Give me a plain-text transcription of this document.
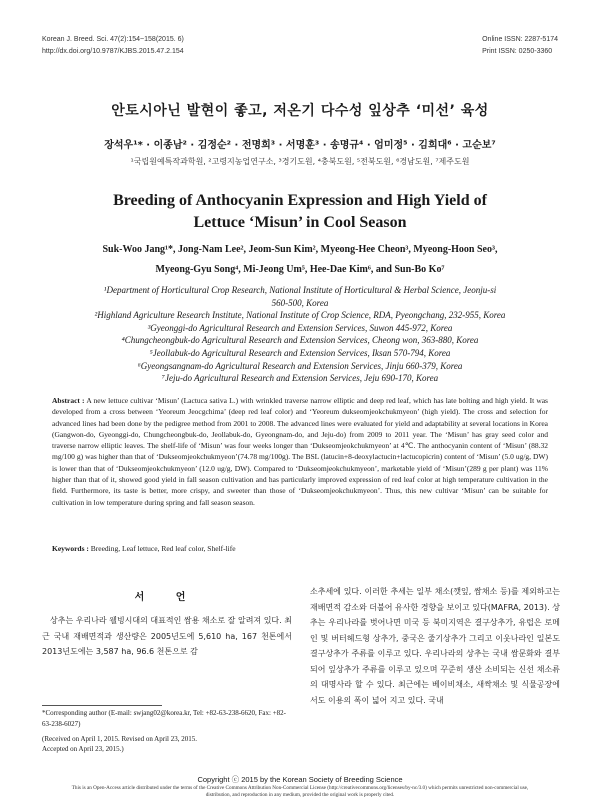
Korean J. Breed. Sci. 47(2):154~158(2015. 6)
http://dx.doi.org/10.9787/KJBS.2015.47.2.154
Online ISSN: 2287-5174
Print ISSN: 0250-3360
안토시아닌 발현이 좋고, 저온기 다수성 잎상추 ‘미선’ 육성
장석우¹* · 이종남² · 김정순² · 전명희³ · 서명훈³ · 송명규⁴ · 엄미정⁵ · 김희대⁶ · 고순보⁷
¹국립원예특작과학원, ²고령지농업연구소, ³경기도원, ⁴충북도원, ⁵전북도원, ⁶경남도원, ⁷제주도원
Breeding of Anthocyanin Expression and High Yield of
Lettuce ‘Misun’ in Cool Season
Suk-Woo Jang¹*, Jong-Nam Lee², Jeom-Sun Kim², Myeong-Hee Cheon³, Myeong-Hoon Seo³,
Myeong-Gyu Song⁴, Mi-Jeong Um⁵, Hee-Dae Kim⁶, and Sun-Bo Ko⁷

¹Department of Horticultural Crop Research, National Institute of Horticultural & Herbal Science, Jeonju-si

560-500, Korea

²Highland Agriculture Research Institute, National Institute of Crop Science, RDA, Pyeongchang, 232-955, Korea

³Gyeonggi-do Agricultural Research and Extension Services, Suwon 445-972, Korea

⁴Chungcheongbuk-do Agricultural Research and Extension Services, Cheong won, 363-880, Korea

⁵Jeollabuk-do Agricultural Research and Extension Services, Iksan 570-794, Korea

⁶Gyeongsangnam-do Agricultural Research and Extension Services, Jinju 660-379, Korea

⁷Jeju-do Agricultural Research and Extension Services, Jeju 690-170, Korea

Abstract : A new lettuce cultivar ‘Misun’ (Lactuca sativa L.) with wrinkled traverse narrow elliptic and deep red leaf, which has late bolting and high yield. It was developed from a cross between ‘Yeoreum Jeocgchima’ (deep red leaf color) and ‘Yeoreum dukseomjeokchukmyeon’ (high yield). The cross and selection for advanced lines had been done by the pedigree method from 2001 to 2008. The advanced lines were evaluated for yield and adaptability at several locations in Korea (Gangwon-do, Gyeonggi-do, Chungcheongbuk-do, Jeollabuk-do, Gyeongnam-do, and Jeju-do) from 2009 to 2011 year. The ‘Misun’ has gray seed color and traverse narrow elliptic leaves. The shelf-life of ‘Misun’ was four weeks longer than ‘Dukseomjeokchukmyeon’ at 4℃. The anthocyanin content of ‘Misun’ (88.32 mg/100 g) was higher than that of ‘Dukseomjeokchukmyeon’(74.78 mg/100g). The BSL (latucin+8-deoxylactucin+lactucopicrin) content of ‘Misun’ (5.0 ug/g, DW) is lower than that of ‘Dukseomjeokchukmyeon’ (12.0 ug/g, DW). Compared to ‘Dukseomjeokchukmyeon’, marketable yield of ‘Misun’(289 g per plant) was 11% higher than that of it, showed good yield in fall season cultivation and has particularly improved expression of red leaf color at high temperature cultivation in the field. Furthermore, its taste is better, more crispy, and sweeter than those of ‘Dukseomjeokchukmyeon’. Thus, this new cultivar ‘Misun’ can be suitable for cultivation in low temperature during spring and fall season season.
Keywords : Breeding, Leaf lettuce, Red leaf color, Shelf-life
서 언
상추는 우리나라 웰빙시대의 대표적인 쌈용 채소로 잘 알려져 있다. 최근 국내 재배면적과 생산량은 2005년도에 5,610 ha, 167 천톤에서 2013년도에는 3,587 ha, 96.6 천톤으로 감
소추세에 있다. 이러한 추세는 일부 채소(깻잎, 쌈채소 등)를 제외하고는 재배면적 감소와 더불어 유사한 경향을 보이고 있다(MAFRA, 2013). 상추는 우리나라를 벗어나면 미국 등 북미지역은 결구상추가, 유럽은 로메인 및 버터헤드형 상추가, 중국은 줄기상추가 그리고 이웃나라인 일본도 결구상추가 주류를 이루고 있다. 우리나라의 상추는 국내 쌈문화와 결부되어 잎상추가 주류를 이루고 있으며 꾸준히 생산 소비되는 신선 채소류의 대명사라 할 수 있다. 최근에는 베이비채소, 새싹채소 및 식물공장에서도 이용의 폭이 넓어 지고 있다. 국내

*Corresponding author (E-mail: swjang02@korea.kr, Tel: +82-63-238-6620, Fax: +82-63-238-6027)

(Received on April 1, 2015. Revised on April 23, 2015.
Accepted on April 23, 2015.)
Copyright ⓒ 2015 by the Korean Society of Breeding Science
This is an Open-Access article distributed under the terms of the Creative Commons Attribution Non-Commercial License (http://creativecommons.org/licenses/by-nc/3.0) which permits unrestricted non-commercial use, distribution, and reproduction in any medium, provided the original work is properly cited.
